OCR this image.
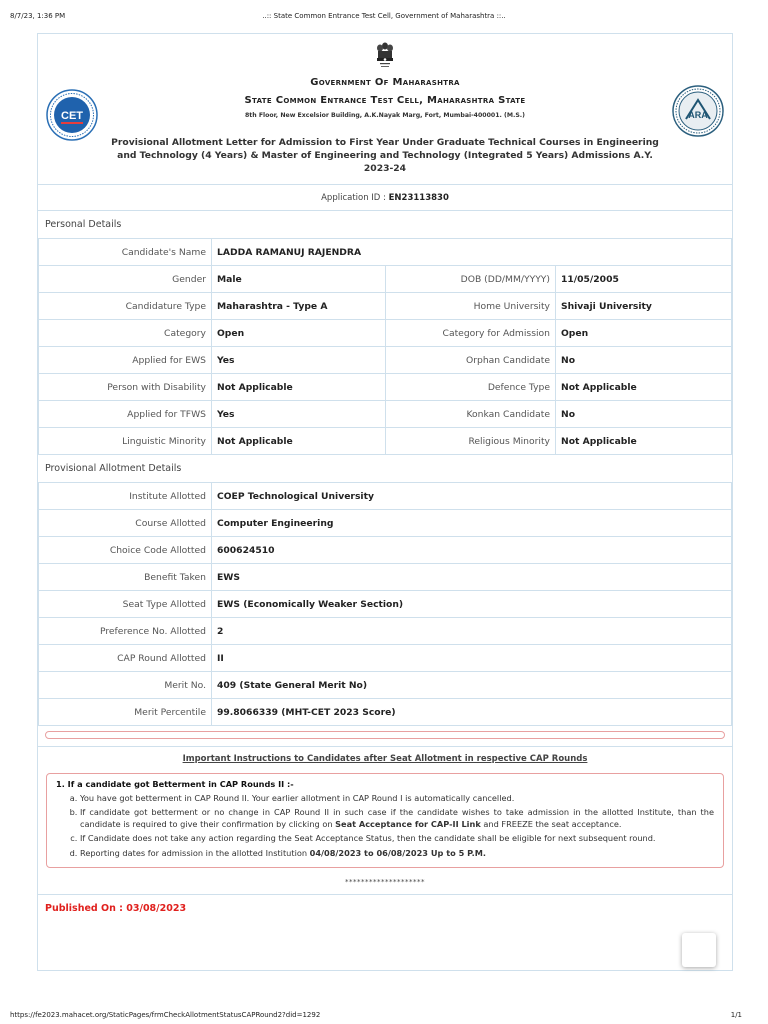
8/7/23, 1:36 PM	..:: State Common Entrance Test Cell, Government of Maharashtra ::..
CET	ARA
Government Of Maharashtra
State Common Entrance Test Cell, Maharashtra State
8th Floor, New Excelsior Building, A.K.Nayak Marg, Fort, Mumbai-400001. (M.S.)
Provisional Allotment Letter for Admission to First Year Under Graduate Technical Courses in Engineering and Technology (4 Years) & Master of Engineering and Technology (Integrated 5 Years) Admissions A.Y. 2023-24
Application ID : EN23113830
Personal Details
Candidate's Name	LADDA RAMANUJ RAJENDRA		
Gender	Male	DOB (DD/MM/YYYY)	11/05/2005
Candidature Type	Maharashtra - Type A	Home University	Shivaji University
Category	Open	Category for Admission	Open
Applied for EWS	Yes	Orphan Candidate	No
Person with Disability	Not Applicable	Defence Type	Not Applicable
Applied for TFWS	Yes	Konkan Candidate	No
Linguistic Minority	Not Applicable	Religious Minority	Not Applicable
Provisional Allotment Details
Institute Allotted	COEP Technological University
Course Allotted	Computer Engineering
Choice Code Allotted	600624510
Benefit Taken	EWS
Seat Type Allotted	EWS (Economically Weaker Section)
Preference No. Allotted	2
CAP Round Allotted	II
Merit No.	409 (State General Merit No)
Merit Percentile	99.8066339 (MHT-CET 2023 Score)
Important Instructions to Candidates after Seat Allotment in respective CAP Rounds
1. If a candidate got Betterment in CAP Rounds II :-
a. You have got betterment in CAP Round II. Your earlier allotment in CAP Round I is automatically cancelled.
b. If candidate got betterment or no change in CAP Round II in such case if the candidate wishes to take admission in the allotted Institute, than the candidate is required to give their confirmation by clicking on Seat Acceptance for CAP-II Link and FREEZE the seat acceptance.
c. If Candidate does not take any action regarding the Seat Acceptance Status, then the candidate shall be eligible for next subsequent round.
d. Reporting dates for admission in the allotted Institution 04/08/2023 to 06/08/2023 Up to 5 P.M.
********************
Published On : 03/08/2023
https://fe2023.mahacet.org/StaticPages/frmCheckAllotmentStatusCAPRound2?did=1292	1/1
